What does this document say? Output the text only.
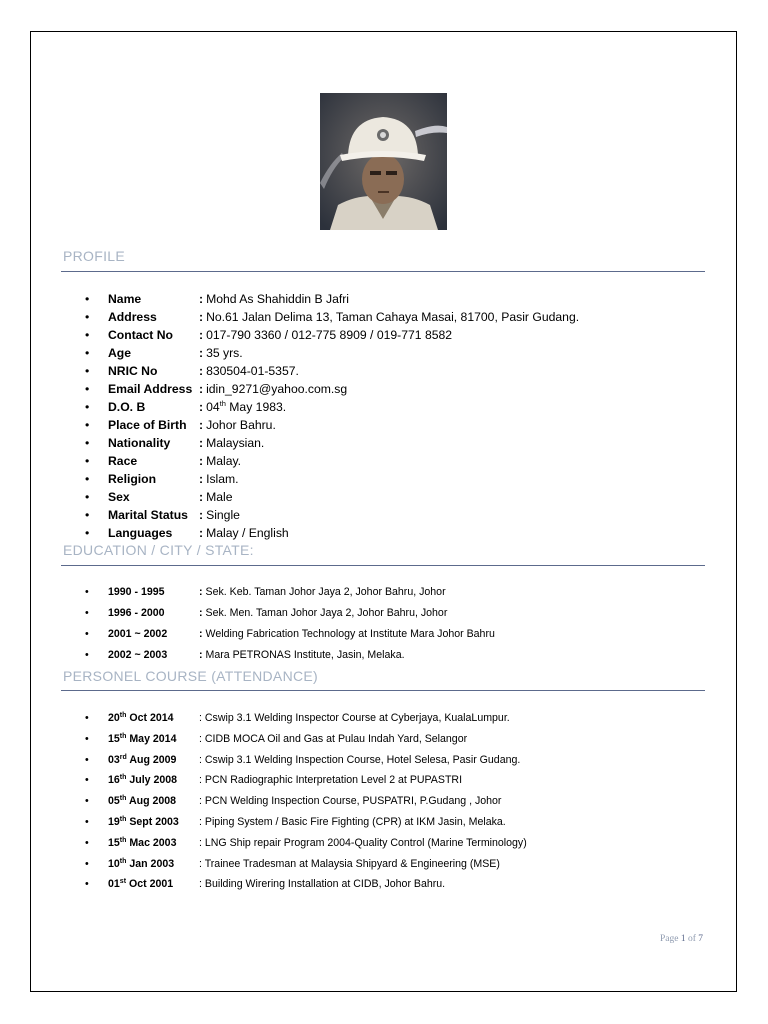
PROFILE
• Name	: Mohd As Shahiddin B Jafri
• Address	: No.61 Jalan Delima 13, Taman Cahaya Masai, 81700, Pasir Gudang.
• Contact No : 017-790 3360 / 012-775 8909 / 019-771 8582
• Age	: 35 yrs.
• NRIC No	: 830504-01-5357.
• Email Address : idin_9271@yahoo.com.sg
• D.O. B	: 04th May 1983.
• Place of Birth : Johor Bahru.
• Nationality : Malaysian.
• Race	: Malay.
• Religion	: Islam.
• Sex	: Male
• Marital Status : Single
• Languages : Malay / English
EDUCATION / CITY / STATE:
• 1990 - 1995	: Sek. Keb. Taman Johor Jaya 2, Johor Bahru, Johor
• 1996 - 2000	: Sek. Men. Taman Johor Jaya 2, Johor Bahru, Johor
• 2001 ~ 2002	: Welding Fabrication Technology at Institute Mara Johor Bahru
• 2002 ~ 2003	: Mara PETRONAS Institute, Jasin, Melaka.
PERSONEL COURSE (ATTENDANCE)
• 20th Oct 2014 : Cswip 3.1 Welding Inspector Course at Cyberjaya, KualaLumpur.
• 15th May 2014 : CIDB MOCA Oil and Gas at Pulau Indah Yard, Selangor
• 03rd Aug 2009 : Cswip 3.1 Welding Inspection Course, Hotel Selesa, Pasir Gudang.
• 16th July 2008 : PCN Radiographic Interpretation Level 2 at PUPASTRI
• 05th Aug 2008 : PCN Welding Inspection Course, PUSPATRI, P.Gudang , Johor
• 19th Sept 2003 : Piping System / Basic Fire Fighting (CPR) at IKM Jasin, Melaka.
• 15th Mac 2003 : LNG Ship repair Program 2004-Quality Control (Marine Terminology)
• 10th Jan 2003 : Trainee Tradesman at Malaysia Shipyard & Engineering (MSE)
• 01st Oct 2001 : Building Wirering Installation at CIDB, Johor Bahru.
Page 1 of 7
